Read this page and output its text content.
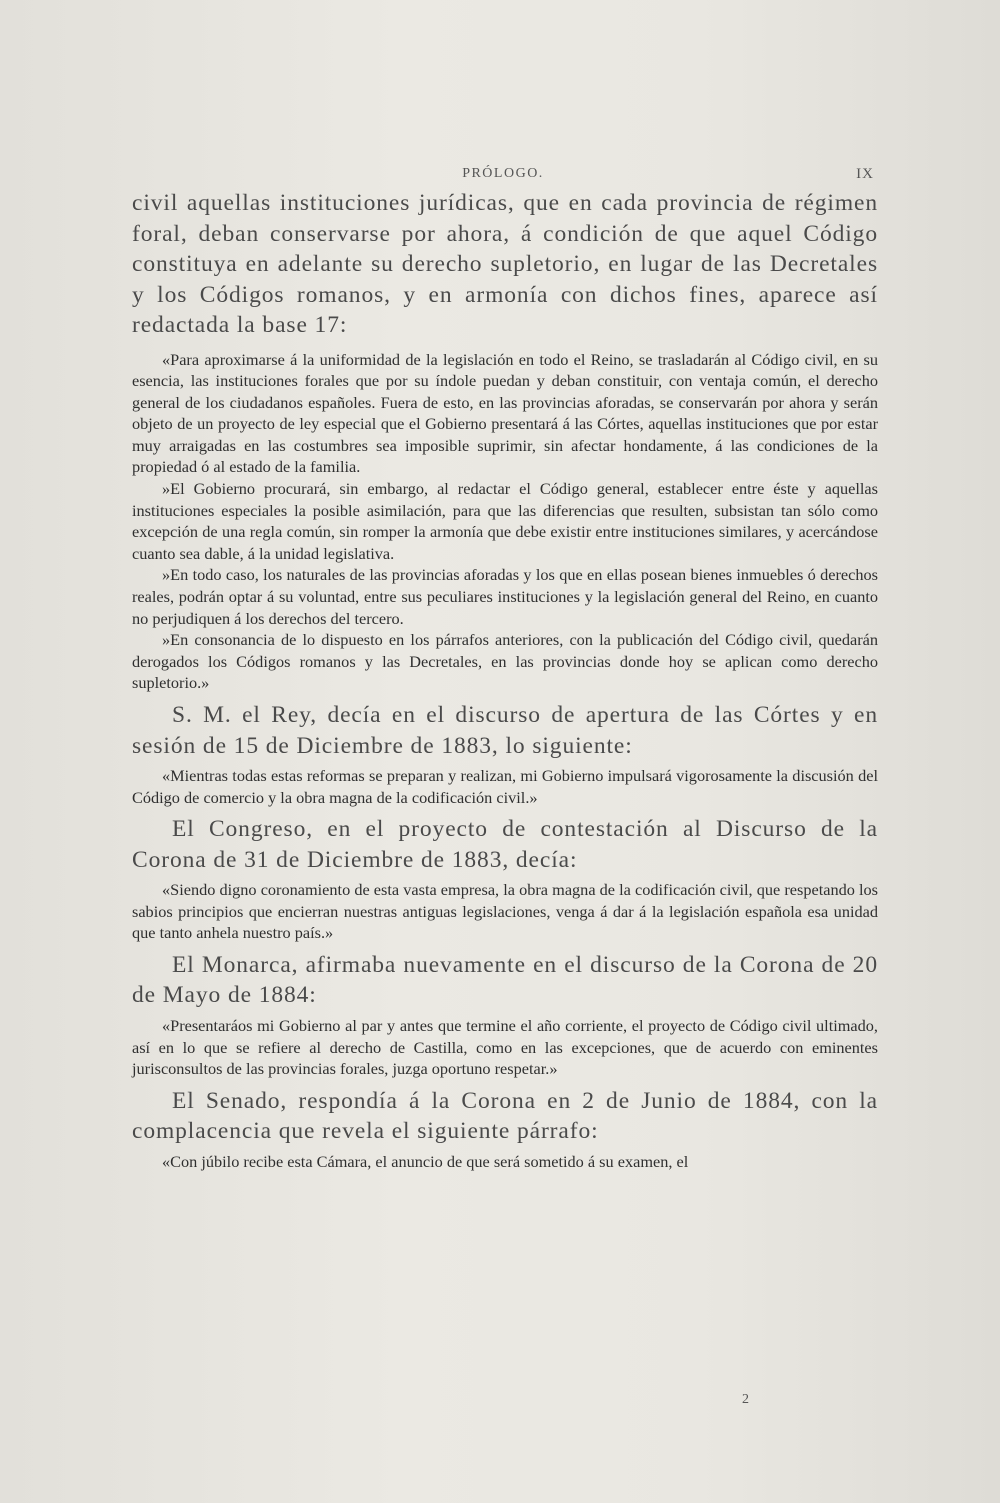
PRÓLOGO.	IX

civil aquellas instituciones jurídicas, que en cada provincia de régimen foral, deban conservarse por ahora, á condición de que aquel Código constituya en adelante su derecho supletorio, en lugar de las Decretales y los Códigos romanos, y en armonía con dichos fines, aparece así redactada la base 17:

«Para aproximarse á la uniformidad de la legislación en todo el Reino, se trasladarán al Código civil, en su esencia, las instituciones forales que por su índole puedan y deban constituir, con ventaja común, el derecho general de los ciudadanos españoles. Fuera de esto, en las provincias aforadas, se conservarán por ahora y serán objeto de un proyecto de ley especial que el Gobierno presentará á las Córtes, aquellas instituciones que por estar muy arraigadas en las costumbres sea imposible suprimir, sin afectar hondamente, á las condiciones de la propiedad ó al estado de la familia.

»El Gobierno procurará, sin embargo, al redactar el Código general, establecer entre éste y aquellas instituciones especiales la posible asimilación, para que las diferencias que resulten, subsistan tan sólo como excepción de una regla común, sin romper la armonía que debe existir entre instituciones similares, y acercándose cuanto sea dable, á la unidad legislativa.

»En todo caso, los naturales de las provincias aforadas y los que en ellas posean bienes inmuebles ó derechos reales, podrán optar á su voluntad, entre sus peculiares instituciones y la legislación general del Reino, en cuanto no perjudiquen á los derechos del tercero.

»En consonancia de lo dispuesto en los párrafos anteriores, con la publicación del Código civil, quedarán derogados los Códigos romanos y las Decretales, en las provincias donde hoy se aplican como derecho supletorio.»

S. M. el Rey, decía en el discurso de apertura de las Córtes y en sesión de 15 de Diciembre de 1883, lo siguiente:

«Mientras todas estas reformas se preparan y realizan, mi Gobierno impulsará vigorosamente la discusión del Código de comercio y la obra magna de la codificación civil.»

El Congreso, en el proyecto de contestación al Discurso de la Corona de 31 de Diciembre de 1883, decía:

«Siendo digno coronamiento de esta vasta empresa, la obra magna de la codificación civil, que respetando los sabios principios que encierran nuestras antiguas legislaciones, venga á dar á la legislación española esa unidad que tanto anhela nuestro país.»

El Monarca, afirmaba nuevamente en el discurso de la Corona de 20 de Mayo de 1884:

«Presentaráos mi Gobierno al par y antes que termine el año corriente, el proyecto de Código civil ultimado, así en lo que se refiere al derecho de Castilla, como en las excepciones, que de acuerdo con eminentes jurisconsultos de las provincias forales, juzga oportuno respetar.»

El Senado, respondía á la Corona en 2 de Junio de 1884, con la complacencia que revela el siguiente párrafo:

«Con júbilo recibe esta Cámara, el anuncio de que será sometido á su examen, el

2
